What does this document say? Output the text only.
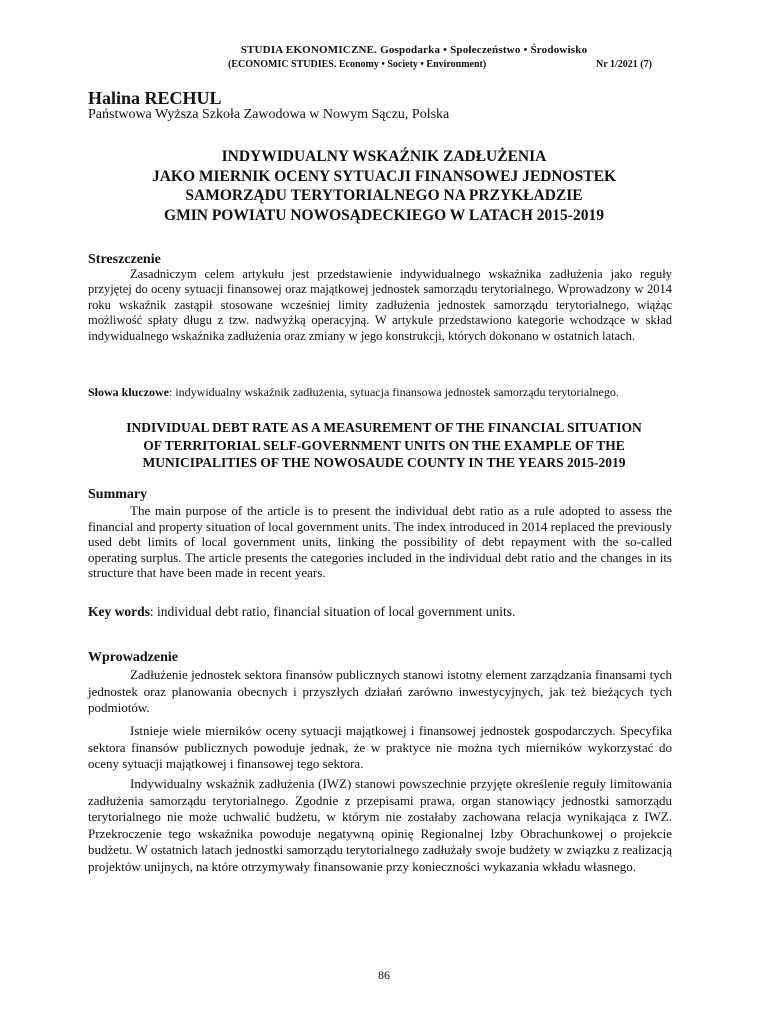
STUDIA EKONOMICZNE. Gospodarka • Społeczeństwo • Środowisko
(ECONOMIC STUDIES. Economy • Society • Environment)	Nr 1/2021 (7)
Halina RECHUL
Państwowa Wyższa Szkoła Zawodowa w Nowym Sączu, Polska
INDYWIDUALNY WSKAŹNIK ZADŁUŻENIA
JAKO MIERNIK OCENY SYTUACJI FINANSOWEJ JEDNOSTEK
SAMORZĄDU TERYTORIALNEGO NA PRZYKŁADZIE
GMIN POWIATU NOWOSĄDECKIEGO W LATACH 2015-2019
Streszczenie
Zasadniczym celem artykułu jest przedstawienie indywidualnego wskaźnika zadłużenia jako reguły przyjętej do oceny sytuacji finansowej oraz majątkowej jednostek samorządu terytorialnego. Wprowadzony w 2014 roku wskaźnik zastąpił stosowane wcześniej limity zadłużenia jednostek samorządu terytorialnego, wiążąc możliwość spłaty długu z tzw. nadwyżką operacyjną. W artykule przedstawiono kategorie wchodzące w skład indywidualnego wskaźnika zadłużenia oraz zmiany w jego konstrukcji, których dokonano w ostatnich latach.
Słowa kluczowe: indywidualny wskaźnik zadłużenia, sytuacja finansowa jednostek samorządu terytorialnego.
INDIVIDUAL DEBT RATE AS A MEASUREMENT OF THE FINANCIAL SITUATION
OF TERRITORIAL SELF-GOVERNMENT UNITS ON THE EXAMPLE OF THE
MUNICIPALITIES OF THE NOWOSAUDE COUNTY IN THE YEARS 2015-2019
Summary
The main purpose of the article is to present the individual debt ratio as a rule adopted to assess the financial and property situation of local government units. The index introduced in 2014 replaced the previously used debt limits of local government units, linking the possibility of debt repayment with the so-called operating surplus. The article presents the categories included in the individual debt ratio and the changes in its structure that have been made in recent years.
Key words: individual debt ratio, financial situation of local government units.
Wprowadzenie
Zadłużenie jednostek sektora finansów publicznych stanowi istotny element zarządzania finansami tych jednostek oraz planowania obecnych i przyszłych działań zarówno inwestycyjnych, jak też bieżących tych podmiotów.
Istnieje wiele mierników oceny sytuacji majątkowej i finansowej jednostek gospodarczych. Specyfika sektora finansów publicznych powoduje jednak, że w praktyce nie można tych mierników wykorzystać do oceny sytuacji majątkowej i finansowej tego sektora.
Indywidualny wskaźnik zadłużenia (IWZ) stanowi powszechnie przyjęte określenie reguły limitowania zadłużenia samorządu terytorialnego. Zgodnie z przepisami prawa, organ stanowiący jednostki samorządu terytorialnego nie może uchwalić budżetu, w którym nie zostałaby zachowana relacja wynikająca z IWZ. Przekroczenie tego wskaźnika powoduje negatywną opinię Regionalnej Izby Obrachunkowej o projekcie budżetu. W ostatnich latach jednostki samorządu terytorialnego zadłużały swoje budżety w związku z realizacją projektów unijnych, na które otrzymywały finansowanie przy konieczności wykazania wkładu własnego.
86
